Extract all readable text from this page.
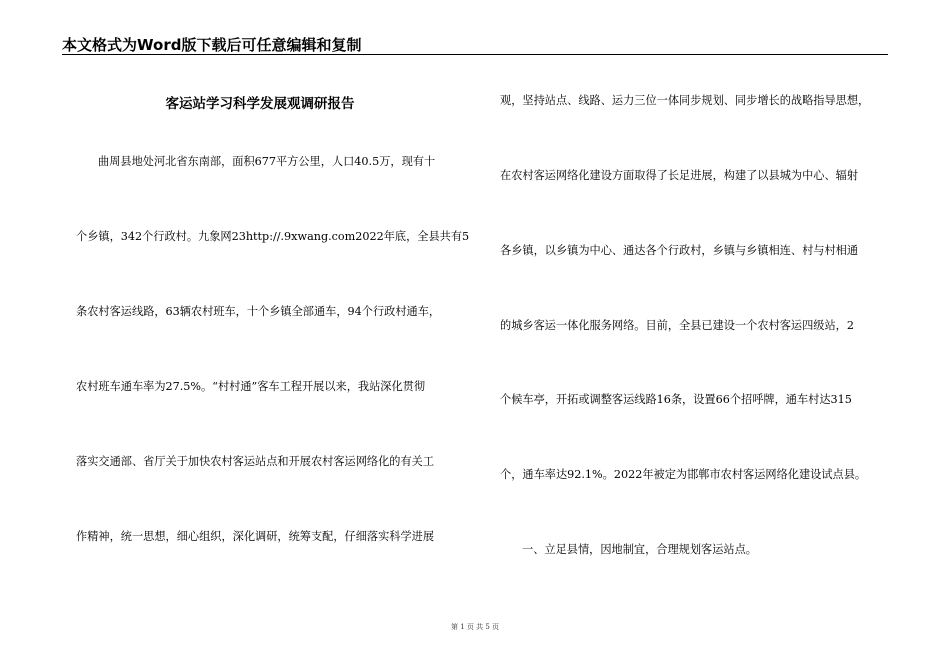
本文格式为Word版下载后可任意编辑和复制
客运站学习科学发展观调研报告
曲周县地处河北省东南部，面积677平方公里，人口40.5万，现有十
个乡镇，342个行政村。九象网23http://.9xwang.com2022年底，全县共有5
条农村客运线路，63辆农村班车，十个乡镇全部通车，94个行政村通车，
农村班车通车率为27.5%。“村村通”客车工程开展以来，我站深化贯彻
落实交通部、省厅关于加快农村客运站点和开展农村客运网络化的有关工
作精神，统一思想，细心组织，深化调研，统筹支配，仔细落实科学进展
观，坚持站点、线路、运力三位一体同步规划、同步增长的战略指导思想，
在农村客运网络化建设方面取得了长足进展，构建了以县城为中心、辐射
各乡镇，以乡镇为中心、通达各个行政村，乡镇与乡镇相连、村与村相通
的城乡客运一体化服务网络。目前，全县已建设一个农村客运四级站，2
个候车亭，开拓或调整客运线路16条，设置66个招呼牌，通车村达315
个，通车率达92.1%。2022年被定为邯郸市农村客运网络化建设试点县。
一、立足县情，因地制宜，合理规划客运站点。
第 1 页 共 5 页
